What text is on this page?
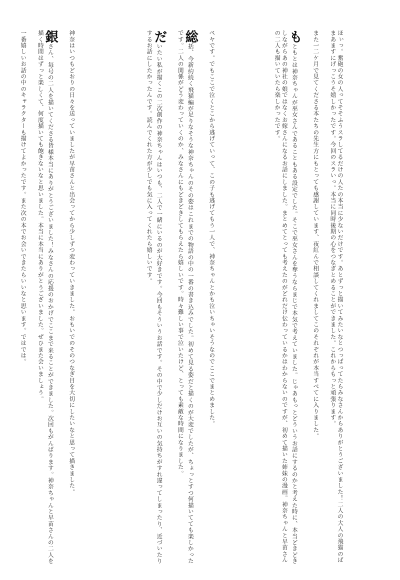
ほぃっ。奮砲の女の人ってそそふうスラしてるだけの人たの本当に少ないだけです。あとずっと描いてみたいなとつっぱってたらみなさんからありがとうございました！二人の大人の飛猫のばまあますにげっこうそ嬉しかったです。今回のスラいっ。本当に同時後期の心をつなぎとめることができました。これからもっと頑張ります。
また一二ケ月で見てくださる本たちの先生方にもとっても感謝しています、夜紅んで相談してくれましてこのそれぞれが本当すべてに入りました。
もともとは神奈ちゃんが巫女さんであることもある設定でした。そこで巫女さんを奪うならまじで本気で考えていました。じゃあもっとどういうお話にするのかと考えた時に、本当どきどきしながらあの神社の娘ではなくお嫁さんになるお話にしました。まとめてとっても考えたのがどれだけ伝わっているかはわからないのですが、初めて描いた姉妹の漫画。神奈ちゃんと早苗さんの二人も描いていたら楽しかったです。
ペヤです。でもここで泣くとこから逃げていって、この子も逃げてもう一人で、神奈ちゃんとかも泣いちゃいそうなのでここでまとめました。
総括、今新約続く飛猫編が足りなそうな神奈ちゃんのその姿はこれまでの物語の中の一番の書き込みでした。初めて見る姿だと描くのが大変でしたが、ちょっとすつ何描いてても楽しかったです。二人の関係がどう変わっていくのか、みなさんにもどきどきしてもらえたら嬉しいです。時々難しい事で泣いたけど、とっても素敵な時間になりました。
だいたい私が描くこの二次創作の神奈ちゃんはいつも、二人で一緒にいるのが大好きです。今回もそういうお話です。その中で少しだけお互いの気持ちがすれ違ってしまったり、近づいたりするお話にしたかったんです。読んでくれた方が少しでも気に入ってくれたら嬉しいです。
神奈はいつもどおりの日々を送っていましたが早苗さんと出会ってから少しずつ変わっていきました。おもいでのそのつなぎ目を大切にしたいなと思って描きました。
銀さん、毎号の二人を描いてくださる皆様本当にありがとうございました！みなさんの応援のおかげでここまで来ることができました。次回もがんばります。神奈ちゃんと早苗さんの二人を描く時間はずっと楽しくて、何度描いても飽きないなと思いました。本当に本当にありがとうございました。ぜひまた会いましょう。
一番嬉しいお話の中のキャラクターも描けてよかったです。また次の本でお会いできたらいいなと思います。ではでは。
